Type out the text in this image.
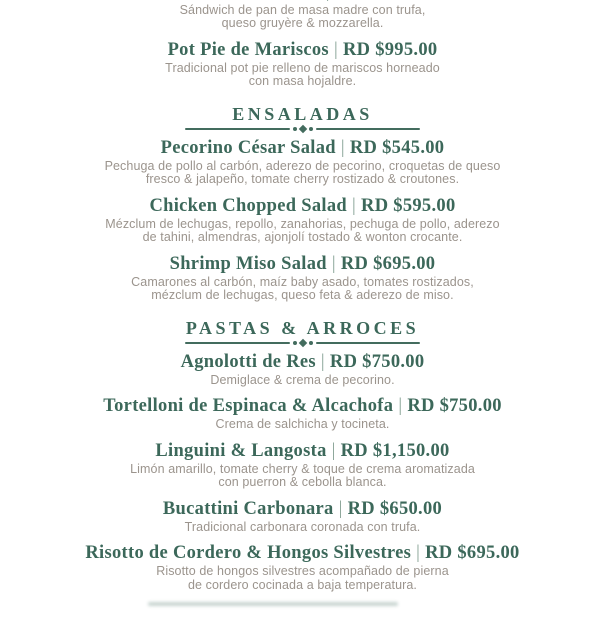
Sándwich de pan de masa madre con trufa,
queso gruyère & mozzarella.
Pot Pie de Mariscos | RD $995.00
Tradicional pot pie relleno de mariscos horneado
con masa hojaldre.
ENSALADAS
Pecorino César Salad | RD $545.00
Pechuga de pollo al carbón, aderezo de pecorino, croquetas de queso
fresco & jalapeño, tomate cherry rostizado & croutones.
Chicken Chopped Salad | RD $595.00
Mézclum de lechugas, repollo, zanahorias, pechuga de pollo, aderezo
de tahini, almendras, ajonjolí tostado & wonton crocante.
Shrimp Miso Salad | RD $695.00
Camarones al carbón, maíz baby asado, tomates rostizados,
mézclum de lechugas, queso feta & aderezo de miso.
PASTAS & ARROCES
Agnolotti de Res | RD $750.00
Demiglace & crema de pecorino.
Tortelloni de Espinaca & Alcachofa | RD $750.00
Crema de salchicha y tocineta.
Linguini & Langosta | RD $1,150.00
Limón amarillo, tomate cherry & toque de crema aromatizada
con puerron & cebolla blanca.
Bucattini Carbonara | RD $650.00
Tradicional carbonara coronada con trufa.
Risotto de Cordero & Hongos Silvestres | RD $695.00
Risotto de hongos silvestres acompañado de pierna
de cordero cocinada a baja temperatura.
